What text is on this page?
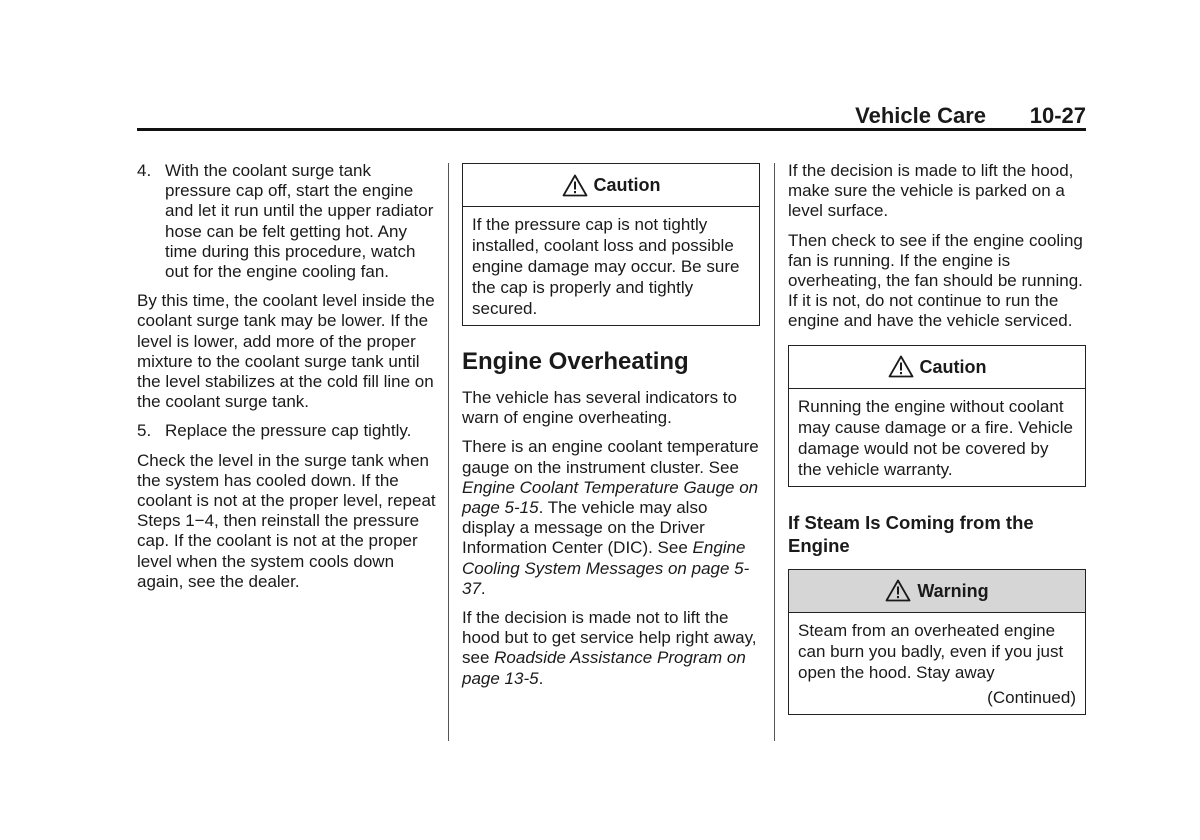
Vehicle Care 10-27
4. With the coolant surge tank pressure cap off, start the engine and let it run until the upper radiator hose can be felt getting hot. Any time during this procedure, watch out for the engine cooling fan.

By this time, the coolant level inside the coolant surge tank may be lower. If the level is lower, add more of the proper mixture to the coolant surge tank until the level stabilizes at the cold fill line on the coolant surge tank.

5. Replace the pressure cap tightly.

Check the level in the surge tank when the system has cooled down. If the coolant is not at the proper level, repeat Steps 1−4, then reinstall the pressure cap. If the coolant is not at the proper level when the system cools down again, see the dealer.

Caution
If the pressure cap is not tightly installed, coolant loss and possible engine damage may occur. Be sure the cap is properly and tightly secured.
Engine Overheating

The vehicle has several indicators to warn of engine overheating.

There is an engine coolant temperature gauge on the instrument cluster. See Engine Coolant Temperature Gauge on page 5-15. The vehicle may also display a message on the Driver Information Center (DIC). See Engine Cooling System Messages on page 5-37.

If the decision is made not to lift the hood but to get service help right away, see Roadside Assistance Program on page 13-5.

If the decision is made to lift the hood, make sure the vehicle is parked on a level surface.

Then check to see if the engine cooling fan is running. If the engine is overheating, the fan should be running. If it is not, do not continue to run the engine and have the vehicle serviced.

Caution
Running the engine without coolant may cause damage or a fire. Vehicle damage would not be covered by the vehicle warranty.
If Steam Is Coming from the Engine
Warning
Steam from an overheated engine can burn you badly, even if you just open the hood. Stay away
(Continued)
